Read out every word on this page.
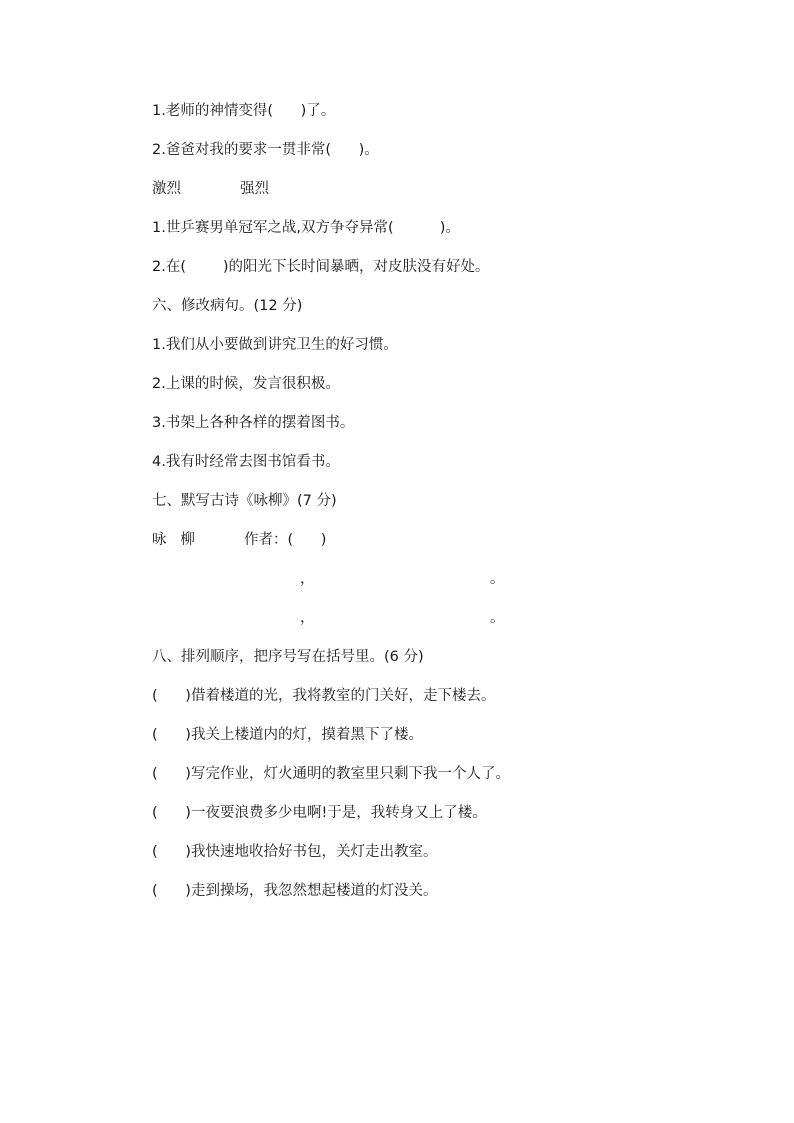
1.老师的神情变得(      )了。
2.爸爸对我的要求一贯非常(      )。
激烈	强烈
1.世乒赛男单冠军之战,双方争夺异常(          )。
2.在(        )的阳光下长时间暴晒，对皮肤没有好处。
六、修改病句。(12 分)
1.我们从小要做到讲究卫生的好习惯。
2.上课的时候，发言很积极。
3.书架上各种各样的摆着图书。
4.我有时经常去图书馆看书。
七、默写古诗《咏柳》(7 分)
咏   柳	作者：(      )
，	。
，	。
八、排列顺序，把序号写在括号里。(6 分)
(      )借着楼道的光，我将教室的门关好，走下楼去。
(      )我关上楼道内的灯，摸着黑下了楼。
(      )写完作业，灯火通明的教室里只剩下我一个人了。
(      )一夜要浪费多少电啊!于是，我转身又上了楼。
(      )我快速地收拾好书包，关灯走出教室。
(      )走到操场，我忽然想起楼道的灯没关。
